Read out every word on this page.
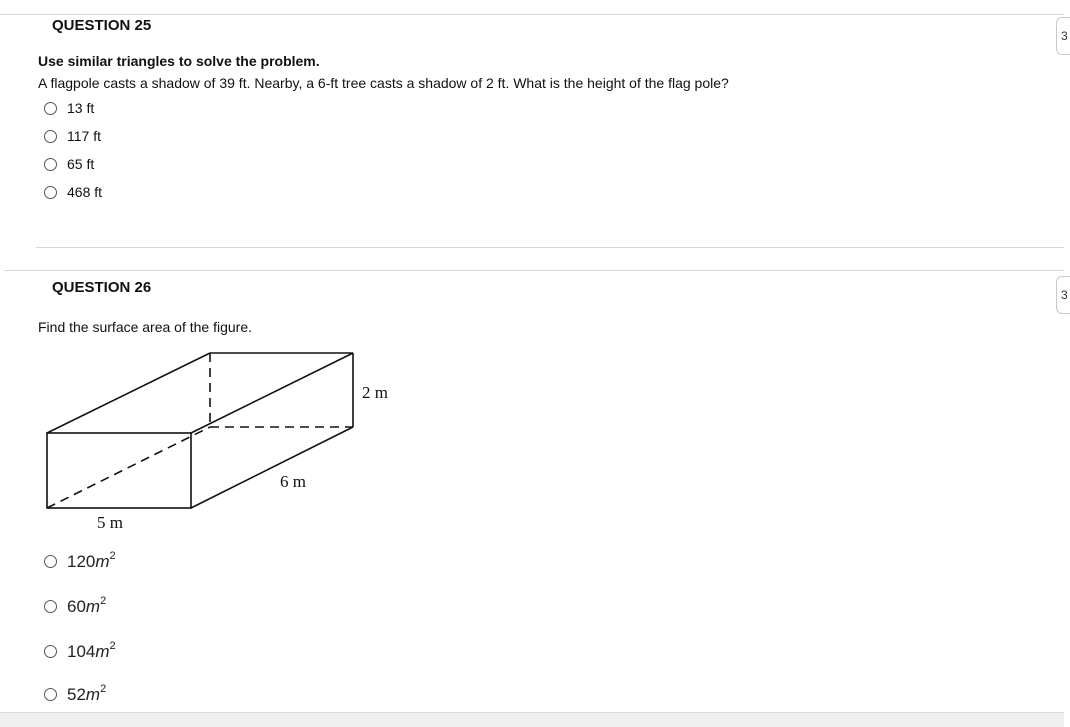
QUESTION 25
3
Use similar triangles to solve the problem.
A flagpole casts a shadow of 39 ft. Nearby, a 6-ft tree casts a shadow of 2 ft. What is the height of the flag pole?
13 ft
117 ft
65 ft
468 ft
QUESTION 26	3
Find the surface area of the figure.
2 m
6 m
5 m
$120m^2$
$60m^2$
$104m^2$
$52m^2$
